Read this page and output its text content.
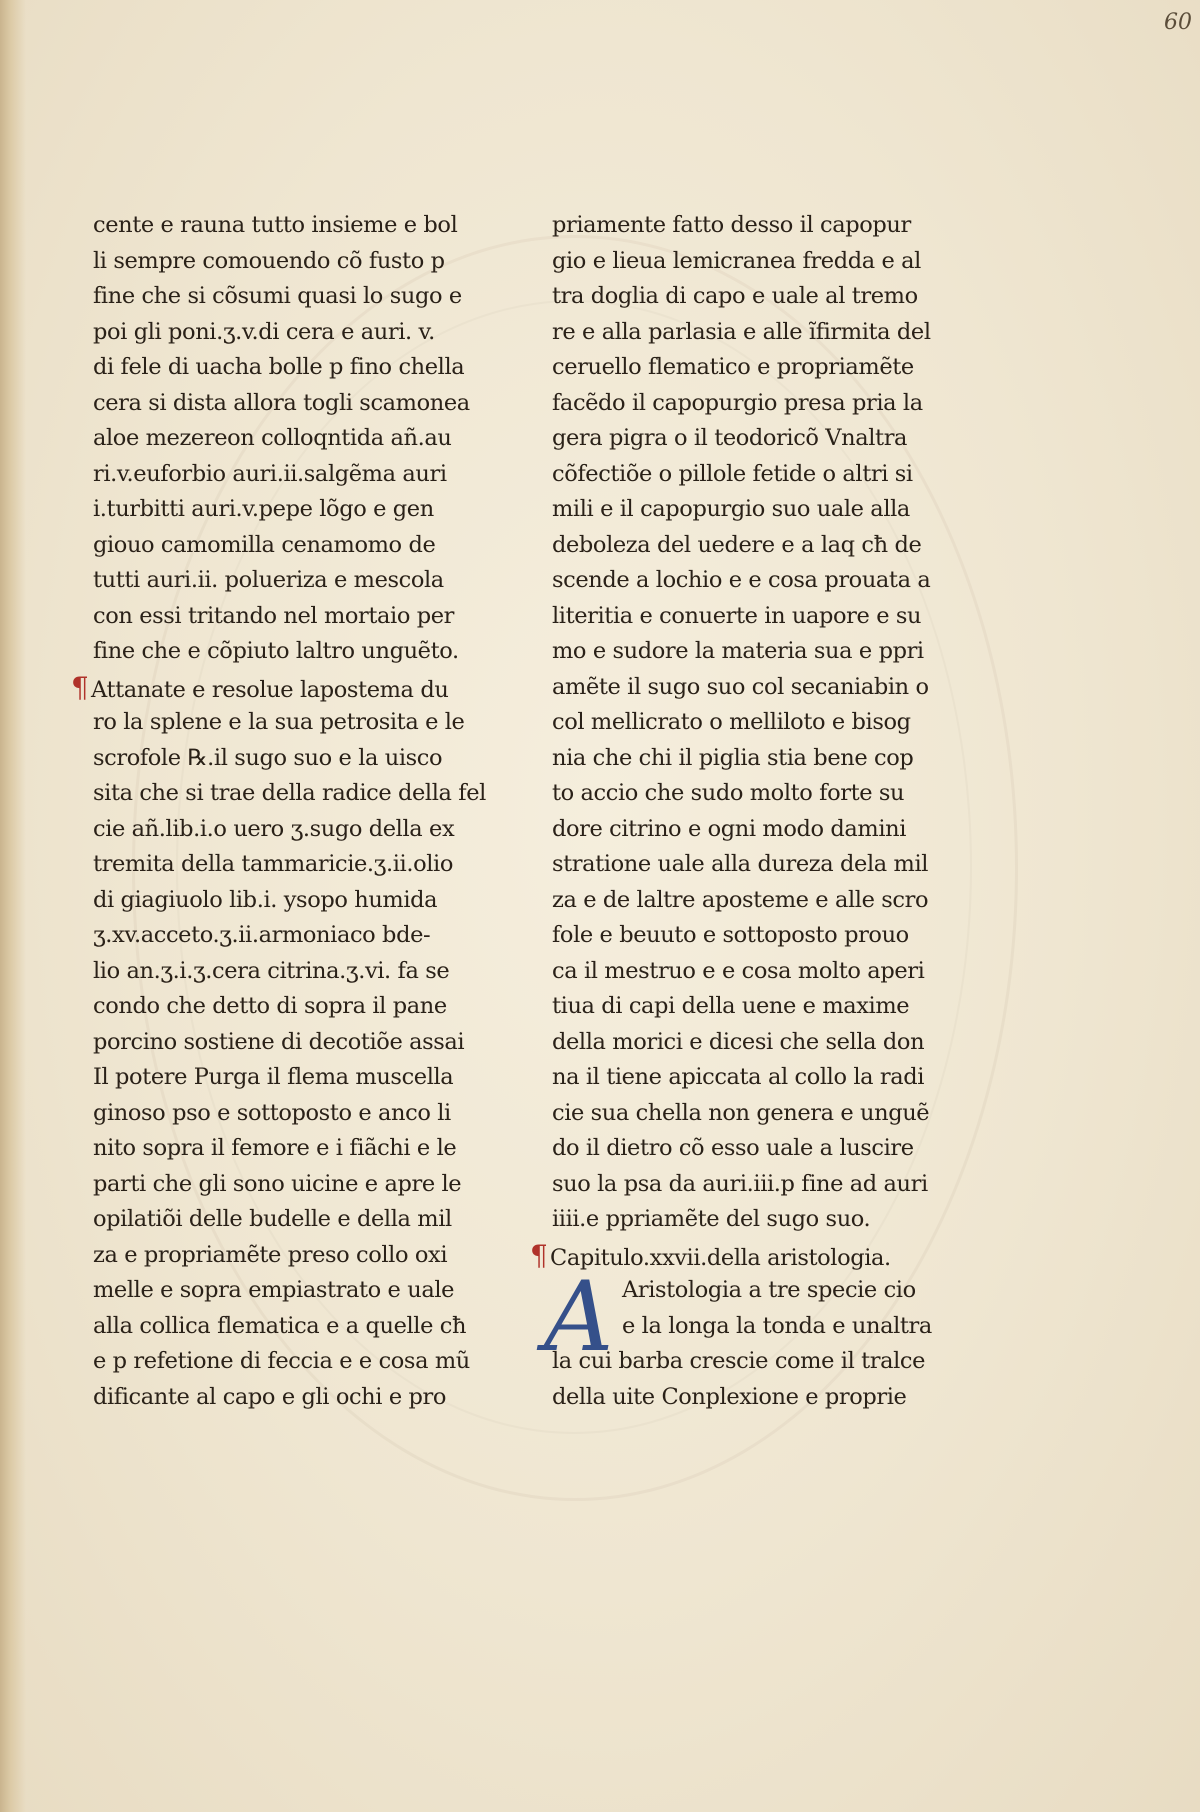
60
cente e rauna tutto insieme e bol
li sempre comouendo cõ fusto p
fine che si cõsumi quasi lo sugo e
poi gli poni.ʒ.v.di cera e auri. v.
di fele di uacha bolle p fino chella
cera si dista allora togli scamonea
aloe mezereon colloqntida añ.au
ri.v.euforbio auri.ii.salgẽma auri
i.turbitti auri.v.pepe lõgo e gen
giouo camomilla cenamomo de
tutti auri.ii. polueriza e mescola
con essi tritando nel mortaio per
fine che e cõpiuto laltro unguẽto.
¶ Attanate e resolue lapostema du
ro la splene e la sua petrosita e le
scrofole ℞.il sugo suo e la uisco
sita che si trae della radice della fel
cie añ.lib.i.o uero ʒ.sugo della ex
tremita della tammaricie.ʒ.ii.olio
di giagiuolo lib.i. ysopo humida
ʒ.xv.acceto.ʒ.ii.armoniaco bde-
lio an.ʒ.i.ʒ.cera citrina.ʒ.vi. fa se
condo che detto di sopra il pane
porcino sostiene di decotiõe assai
Il potere Purga il flema muscella
ginoso pso e sottoposto e anco li
nito sopra il femore e i fiãchi e le
parti che gli sono uicine e apre le
opilatiõi delle budelle e della mil
za e propriamẽte preso collo oxi
melle e sopra empiastrato e uale
alla collica flematica e a quelle cħ
e p refetione di feccia e e cosa mũ
dificante al capo e gli ochi e pro
priamente fatto desso il capopur
gio e lieua lemicranea fredda e al
tra doglia di capo e uale al tremo
re e alla parlasia e alle ĩfirmita del
ceruello flematico e propriamẽte
facẽdo il capopurgio presa pria la
gera pigra o il teodoricõ Vnaltra
cõfectiõe o pillole fetide o altri si
mili e il capopurgio suo uale alla
deboleza del uedere e a laq cħ de
scende a lochio e e cosa prouata a
literitia e conuerte in uapore e su
mo e sudore la materia sua e ppri
amẽte il sugo suo col secaniabin o
col mellicrato o melliloto e bisog
nia che chi il piglia stia bene cop
to accio che sudo molto forte su
dore citrino e ogni modo damini
stratione uale alla dureza dela mil
za e de laltre aposteme e alle scro
fole e beuuto e sottoposto prouo
ca il mestruo e e cosa molto aperi
tiua di capi della uene e maxime
della morici e dicesi che sella don
na il tiene apiccata al collo la radi
cie sua chella non genera e unguẽ
do il dietro cõ esso uale a luscire
suo la psa da auri.iii.p fine ad auri
iiii.e ppriamẽte del sugo suo.
¶ Capitulo.xxvii.della aristologia.
A Aristologia a tre specie cio
e la longa la tonda e unaltra
la cui barba crescie come il tralce
della uite Conplexione e proprie
